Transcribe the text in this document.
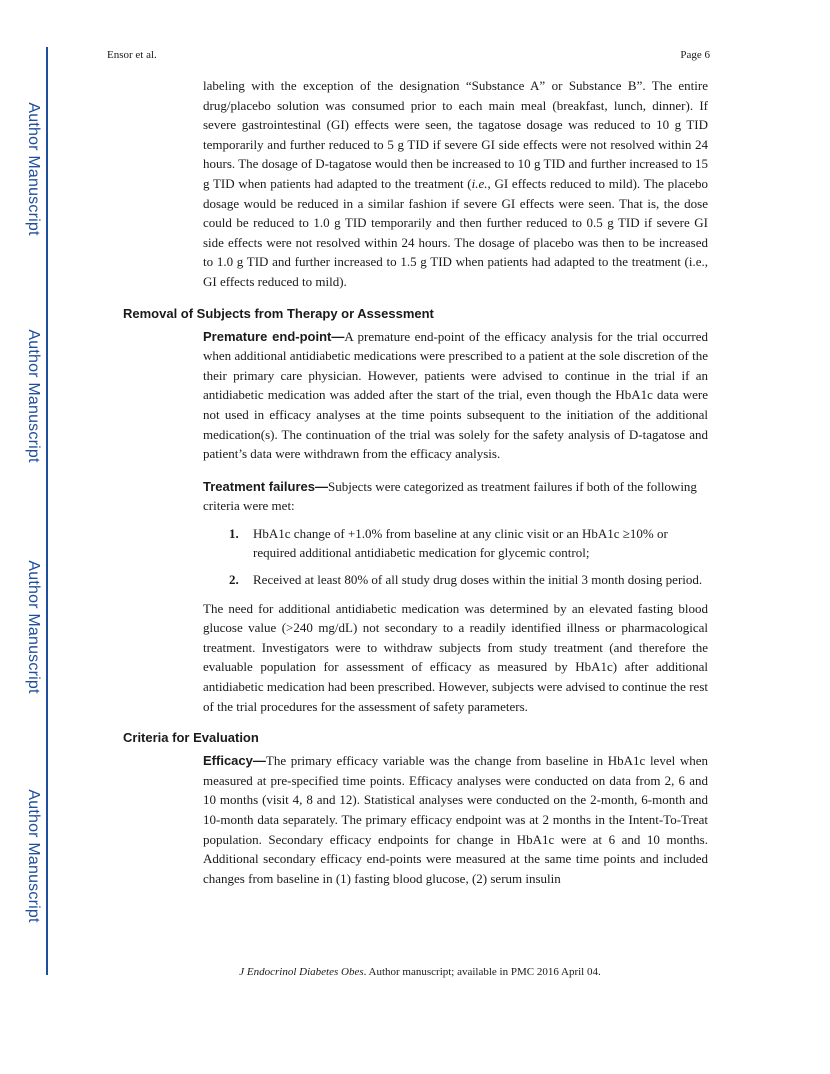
Author Manuscript
Author Manuscript
Author Manuscript
Author Manuscript
Ensor et al.	Page 6

labeling with the exception of the designation “Substance A” or Substance B”. The entire drug/placebo solution was consumed prior to each main meal (breakfast, lunch, dinner). If severe gastrointestinal (GI) effects were seen, the tagatose dosage was reduced to 10 g TID temporarily and further reduced to 5 g TID if severe GI side effects were not resolved within 24 hours. The dosage of D-tagatose would then be increased to 10 g TID and further increased to 15 g TID when patients had adapted to the treatment (i.e., GI effects reduced to mild). The placebo dosage would be reduced in a similar fashion if severe GI effects were seen. That is, the dose could be reduced to 1.0 g TID temporarily and then further reduced to 0.5 g TID if severe GI side effects were not resolved within 24 hours. The dosage of placebo was then to be increased to 1.0 g TID and further increased to 1.5 g TID when patients had adapted to the treatment (i.e., GI effects reduced to mild).

Removal of Subjects from Therapy or Assessment

Premature end-point—A premature end-point of the efficacy analysis for the trial occurred when additional antidiabetic medications were prescribed to a patient at the sole discretion of the their primary care physician. However, patients were advised to continue in the trial if an antidiabetic medication was added after the start of the trial, even though the HbA1c data were not used in efficacy analyses at the time points subsequent to the initiation of the additional medication(s). The continuation of the trial was solely for the safety analysis of D-tagatose and patient’s data were withdrawn from the efficacy analysis.

Treatment failures—Subjects were categorized as treatment failures if both of the following criteria were met:

1. HbA1c change of +1.0% from baseline at any clinic visit or an HbA1c ≥10% or required additional antidiabetic medication for glycemic control;
2. Received at least 80% of all study drug doses within the initial 3 month dosing period.

The need for additional antidiabetic medication was determined by an elevated fasting blood glucose value (>240 mg/dL) not secondary to a readily identified illness or pharmacological treatment. Investigators were to withdraw subjects from study treatment (and therefore the evaluable population for assessment of efficacy as measured by HbA1c) after additional antidiabetic medication had been prescribed. However, subjects were advised to continue the rest of the trial procedures for the assessment of safety parameters.

Criteria for Evaluation

Efficacy—The primary efficacy variable was the change from baseline in HbA1c level when measured at pre-specified time points. Efficacy analyses were conducted on data from 2, 6 and 10 months (visit 4, 8 and 12). Statistical analyses were conducted on the 2-month, 6-month and 10-month data separately. The primary efficacy endpoint was at 2 months in the Intent-To-Treat population. Secondary efficacy endpoints for change in HbA1c were at 6 and 10 months. Additional secondary efficacy end-points were measured at the same time points and included changes from baseline in (1) fasting blood glucose, (2) serum insulin

J Endocrinol Diabetes Obes. Author manuscript; available in PMC 2016 April 04.
